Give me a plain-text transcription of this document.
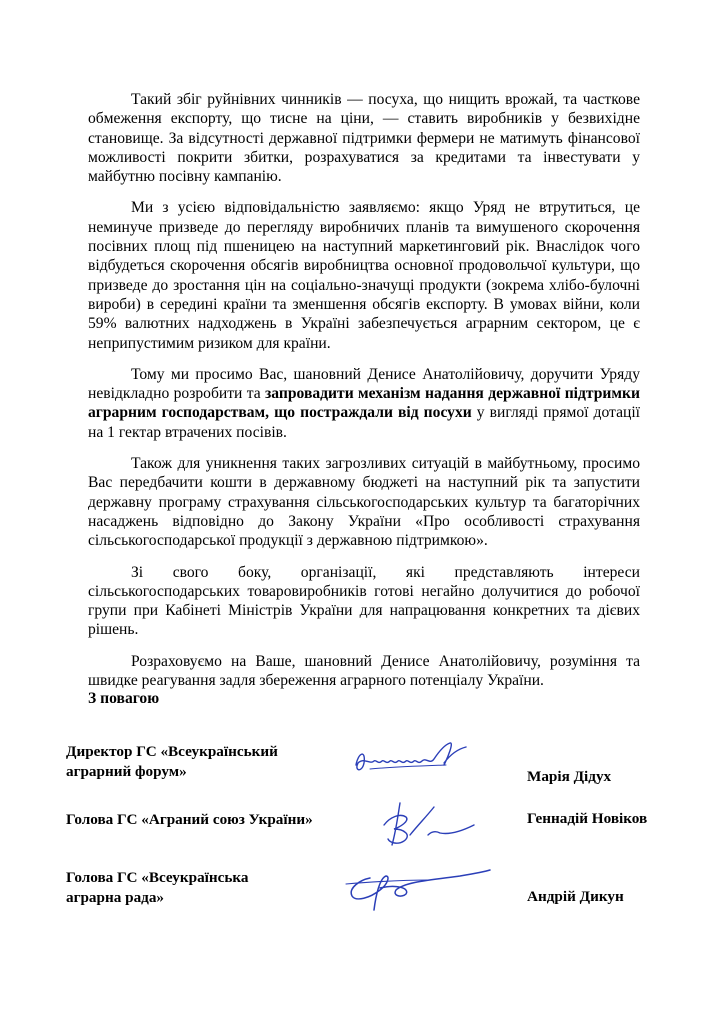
Такий збіг руйнівних чинників — посуха, що нищить врожай, та часткове обмеження експорту, що тисне на ціни, — ставить виробників у безвихідне становище. За відсутності державної підтримки фермери не матимуть фінансової можливості покрити збитки, розрахуватися за кредитами та інвестувати у майбутню посівну кампанію.

Ми з усією відповідальністю заявляємо: якщо Уряд не втрутиться, це неминуче призведе до перегляду виробничих планів та вимушеного скорочення посівних площ під пшеницею на наступний маркетинговий рік. Внаслідок чого відбудеться скорочення обсягів виробництва основної продовольчої культури, що призведе до зростання цін на соціально-значущі продукти (зокрема хлібо-булочні вироби) в середині країни та зменшення обсягів експорту. В умовах війни, коли 59% валютних надходжень в Україні забезпечується аграрним сектором, це є неприпустимим ризиком для країни.

Тому ми просимо Вас, шановний Денисе Анатолійовичу, доручити Уряду невідкладно розробити та запровадити механізм надання державної підтримки аграрним господарствам, що постраждали від посухи у вигляді прямої дотації на 1 гектар втрачених посівів.

Також для уникнення таких загрозливих ситуацій в майбутньому, просимо Вас передбачити кошти в державному бюджеті на наступний рік та запустити державну програму страхування сільськогосподарських культур та багаторічних насаджень відповідно до Закону України «Про особливості страхування сільськогосподарської продукції з державною підтримкою».

Зі свого боку, організації, які представляють інтереси сільськогосподарських товаровиробників готові негайно долучитися до робочої групи при Кабінеті Міністрів України для напрацювання конкретних та дієвих рішень.

Розраховуємо на Ваше, шановний Денисе Анатолійовичу, розуміння та швидке реагування задля збереження аграрного потенціалу України.

З повагою
Директор ГС «Всеукраїнський
аграрний форум»	Марія Дідух
Голова ГС «Аграний союз України»	Геннадій Новіков
Голова ГС «Всеукраїнська
аграрна рада»	Андрій Дикун
